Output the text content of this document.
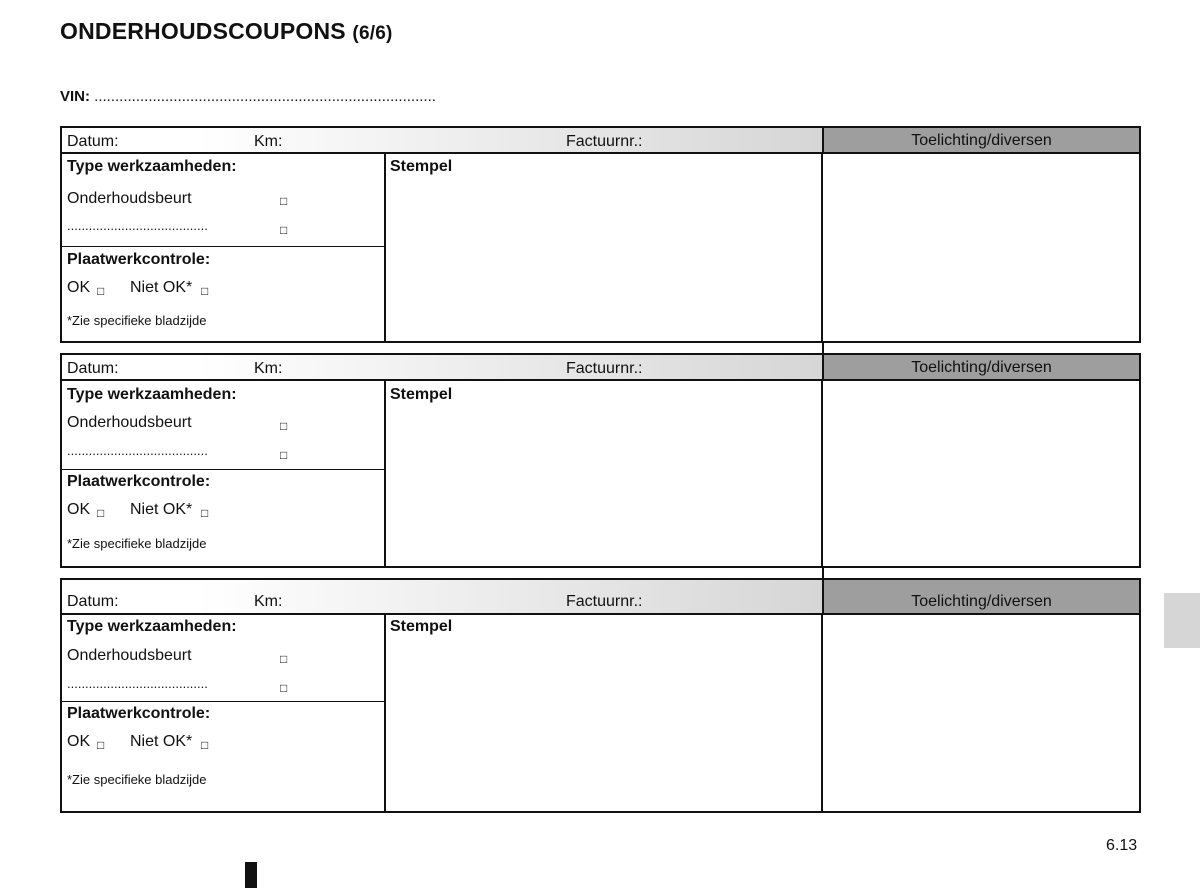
ONDERHOUDSCOUPONS (6/6)
VIN: ..................................................................................
Datum:	Km:	Factuurnr.:	Toelichting/diversen
Type werkzaamheden:
Onderhoudsbeurt	□
.......................................	□
Plaatwerkcontrole:
OK □ Niet OK* □
*Zie specifieke bladzijde
Stempel
Datum:	Km:	Factuurnr.:	Toelichting/diversen
Type werkzaamheden:
Onderhoudsbeurt	□
.......................................	□
Plaatwerkcontrole:
OK □ Niet OK* □
*Zie specifieke bladzijde
Stempel
Datum:	Km:	Factuurnr.:	Toelichting/diversen
Type werkzaamheden:
Onderhoudsbeurt	□
.......................................	□
Plaatwerkcontrole:
OK □ Niet OK* □
*Zie specifieke bladzijde
Stempel
6.13
